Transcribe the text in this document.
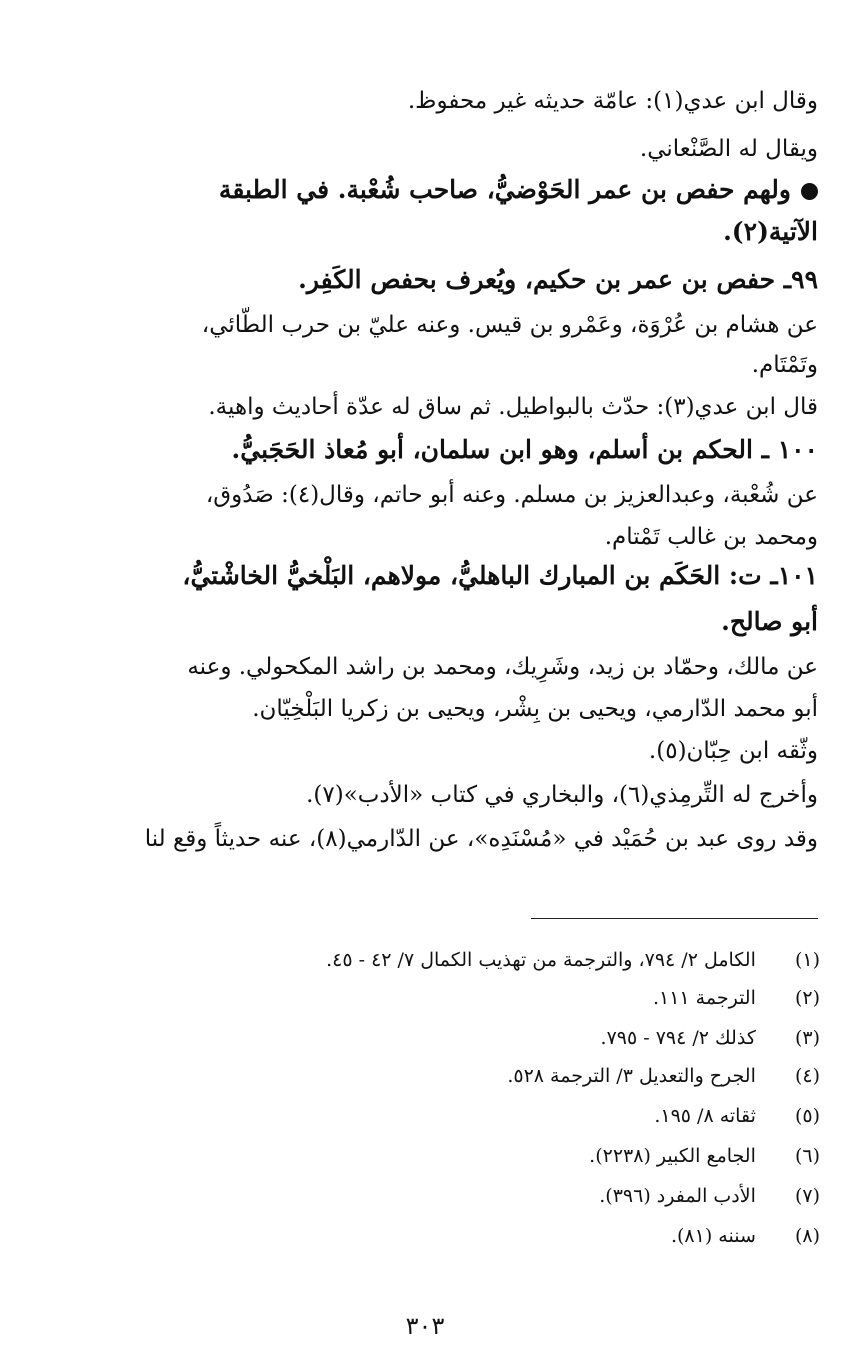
وقال ابن عدي(١): عامّة حديثه غير محفوظ.
ويقال له الصَّنْعاني.
ولهم حفص بن عمر الحَوْضيُّ، صاحب شُعْبة. في الطبقة
الآتية(٢).
٩٩ـ حفص بن عمر بن حكيم، ويُعرف بحفص الكَفِر.
عن هشام بن عُرْوَة، وعَمْرو بن قيس. وعنه عليّ بن حرب الطّائي،
وتَمْتَام.
قال ابن عدي(٣): حدّث بالبواطيل. ثم ساق له عدّة أحاديث واهية.
١٠٠ ـ الحكم بن أسلم، وهو ابن سلمان، أبو مُعاذ الحَجَبيُّ.
عن شُعْبة، وعبدالعزيز بن مسلم. وعنه أبو حاتم، وقال(٤): صَدُوق،
ومحمد بن غالب تَمْتام.
١٠١ـ ت: الحَكَم بن المبارك الباهليُّ، مولاهم، البَلْخيُّ الخاشْتيُّ،
أبو صالح.
عن مالك، وحمّاد بن زيد، وشَرِيك، ومحمد بن راشد المكحولي. وعنه
أبو محمد الدّارمي، ويحيى بن بِشْر، ويحيى بن زكريا البَلْخِيّان.
وثّقه ابن حِبّان(٥).
وأخرج له التِّرمِذي(٦)، والبخاري في كتاب «الأدب»(٧).
وقد روى عبد بن حُمَيْد في «مُسْنَدِه»، عن الدّارمي(٨)، عنه حديثاً وقع لنا
(١)   الكامل ٢/ ٧٩٤، والترجمة من تهذيب الكمال ٧/ ٤٢ - ٤٥.
(٢)   الترجمة ١١١.
(٣)   كذلك ٢/ ٧٩٤ - ٧٩٥.
(٤)   الجرح والتعديل ٣/ الترجمة ٥٢٨.
(٥)   ثقاته ٨/ ١٩٥.
(٦)   الجامع الكبير (٢٢٣٨).
(٧)   الأدب المفرد (٣٩٦).
(٨)   سننه (٨١).
٣٠٣
